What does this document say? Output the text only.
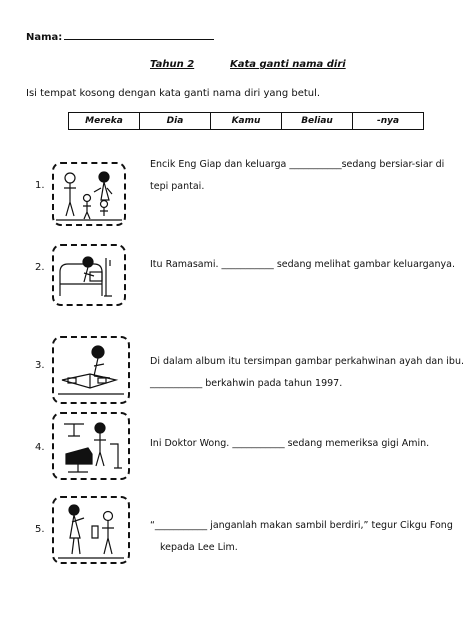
Nama:
Tahun 2	Kata ganti nama diri
Isi tempat kosong dengan kata ganti nama diri yang betul.
Mereka	Dia	Kamu	Beliau	-nya
1.
Encik Eng Giap dan keluarga ___________sedang bersiar-siar di
tepi pantai.
2.	Itu Ramasami. ___________ sedang melihat gambar keluarganya.
3.	Di dalam album itu tersimpan gambar perkahwinan ayah dan ibu.
___________ berkahwin pada tahun 1997.
4.	Ini Doktor Wong. ___________ sedang memeriksa gigi Amin.
5.	“___________ janganlah makan sambil berdiri,” tegur Cikgu Fong
kepada Lee Lim.
